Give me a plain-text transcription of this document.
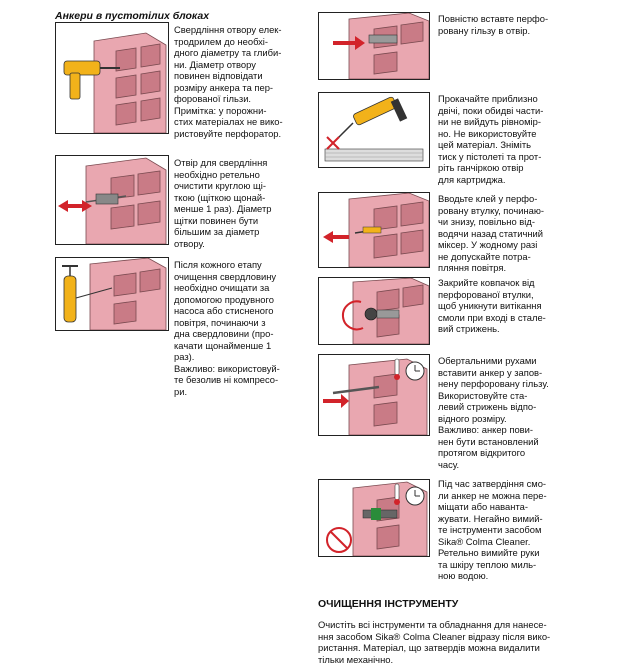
Анкери в пустотілих блоках
Свердління отвору елек-
тродрилем до необхі-
дного діаметру та глиби-
ни. Діаметр отвору
повинен відповідати
розміру анкера та пер-
форованої гільзи.
Примітка: у порожни-
стих матеріалах не вико-
ристовуйте перфоратор.
Отвір для свердління
необхідно ретельно
очистити круглою щі-
ткою (щіткою щонай-
менше 1 раз). Діаметр
щітки повинен бути
більшим за діаметр
отвору.
Після кожного етапу
очищення свердловину
необхідно очищати за
допомогою продувного
насоса або стисненого
повітря, починаючи з
дна свердловини (про-
качати щонайменше 1
раз).
Важливо: використовуй-
те безолив ні компресо-
ри.
Повністю вставте перфо-
ровану гільзу в отвір.
Прокачайте приблизно
двічі, поки обидві части-
ни не вийдуть рівномір-
но. Не використовуйте
цей матеріал. Зніміть
тиск у пістолеті та прот-
ріть ганчіркою отвір
для картриджа.
Вводьте клей у перфо-
ровану втулку, починаю-
чи знизу, повільно від-
водячи назад статичний
міксер. У жодному разі
не допускайте потра-
пляння повітря.
Закрийте ковпачок від
перфорованої втулки,
щоб уникнути витікання
смоли при вході в стале-
вий стрижень.
Обертальними рухами
вставити анкер у запов-
нену перфоровану гільзу.
Використовуйте ста-
левий стрижень відпо-
відного розміру.
Важливо: анкер пови-
нен бути встановлений
протягом відкритого
часу.
Під час затвердіння смо-
ли анкер не можна пере-
міщати або наванта-
жувати. Негайно вимий-
те інструменти засобом
Sika® Colma Cleaner.
Ретельно вимийте руки
та шкіру теплою миль-
ною водою.
ОЧИЩЕННЯ ІНСТРУМЕНТУ
Очистіть всі інструменти та обладнання для нанесе-
ння засобом Sika® Colma Cleaner відразу після вико-
ристання. Матеріал, що затвердів можна видалити
тільки механічно.
